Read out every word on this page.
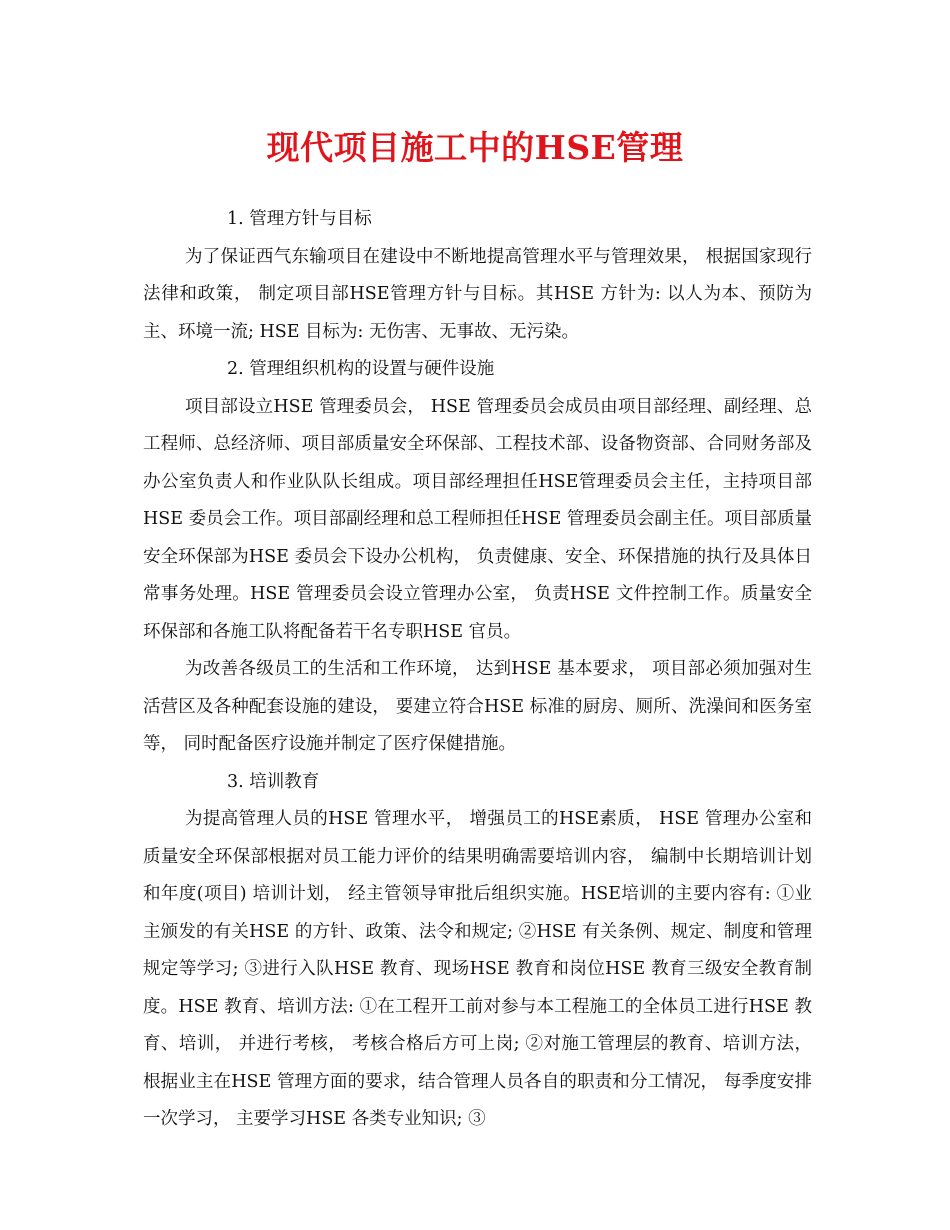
现代项目施工中的HSE管理

1. 管理方针与目标

为了保证西气东输项目在建设中不断地提高管理水平与管理效果， 根据国家现行法律和政策， 制定项目部HSE管理方针与目标。其HSE 方针为: 以人为本、预防为主、环境一流; HSE 目标为: 无伤害、无事故、无污染。

2. 管理组织机构的设置与硬件设施

项目部设立HSE 管理委员会， HSE 管理委员会成员由项目部经理、副经理、总工程师、总经济师、项目部质量安全环保部、工程技术部、设备物资部、合同财务部及办公室负责人和作业队队长组成。项目部经理担任HSE管理委员会主任，主持项目部HSE 委员会工作。项目部副经理和总工程师担任HSE 管理委员会副主任。项目部质量安全环保部为HSE 委员会下设办公机构， 负责健康、安全、环保措施的执行及具体日常事务处理。HSE 管理委员会设立管理办公室， 负责HSE 文件控制工作。质量安全环保部和各施工队将配备若干名专职HSE 官员。

为改善各级员工的生活和工作环境， 达到HSE 基本要求， 项目部必须加强对生活营区及各种配套设施的建设， 要建立符合HSE 标准的厨房、厕所、洗澡间和医务室等， 同时配备医疗设施并制定了医疗保健措施。

3. 培训教育

为提高管理人员的HSE 管理水平， 增强员工的HSE素质， HSE 管理办公室和质量安全环保部根据对员工能力评价的结果明确需要培训内容， 编制中长期培训计划和年度(项目) 培训计划， 经主管领导审批后组织实施。HSE培训的主要内容有: ①业主颁发的有关HSE 的方针、政策、法令和规定; ②HSE 有关条例、规定、制度和管理规定等学习; ③进行入队HSE 教育、现场HSE 教育和岗位HSE 教育三级安全教育制度。HSE 教育、培训方法: ①在工程开工前对参与本工程施工的全体员工进行HSE 教育、培训， 并进行考核， 考核合格后方可上岗; ②对施工管理层的教育、培训方法， 根据业主在HSE 管理方面的要求，结合管理人员各自的职责和分工情况， 每季度安排一次学习， 主要学习HSE 各类专业知识; ③
